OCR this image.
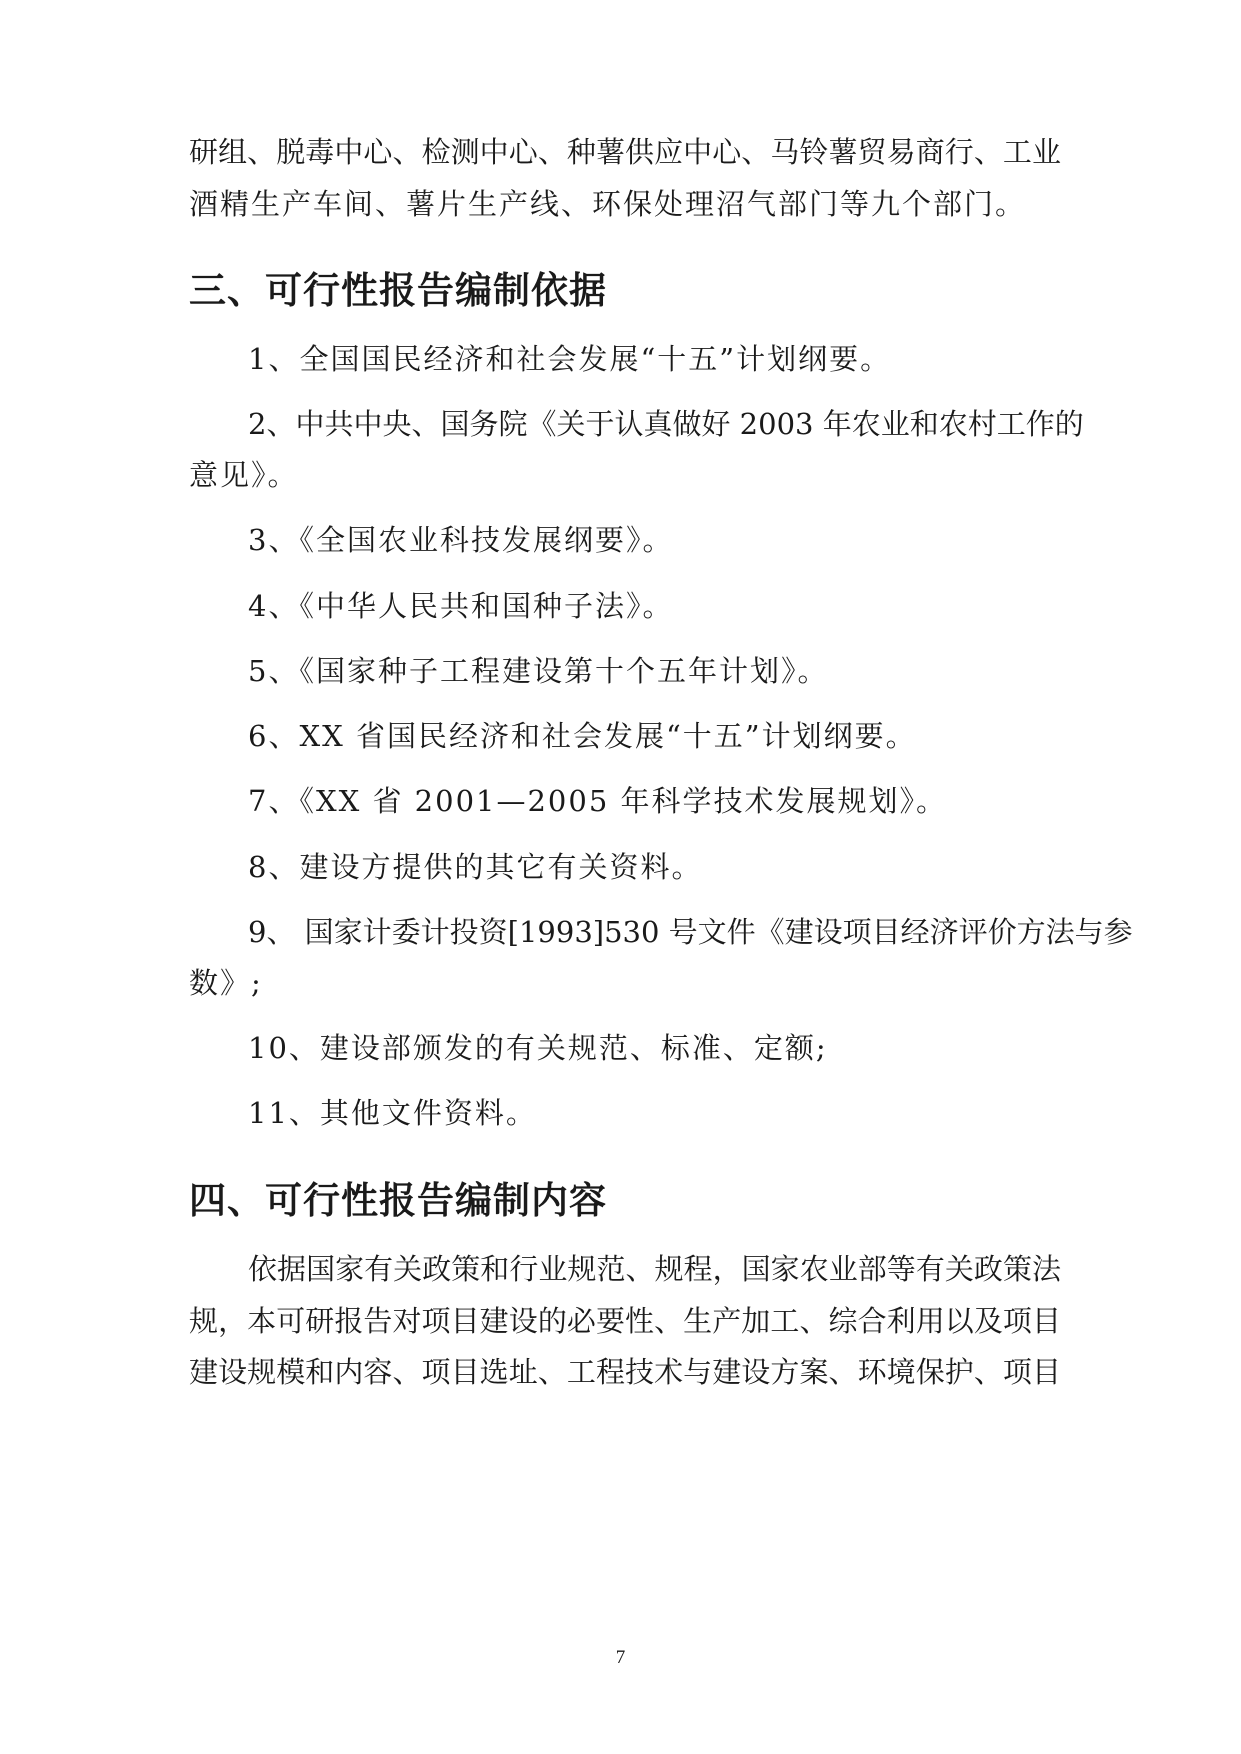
研组、脱毒中心、检测中心、种薯供应中心、马铃薯贸易商行、工业
酒精生产车间、薯片生产线、环保处理沼气部门等九个部门。
三、可行性报告编制依据
1、全国国民经济和社会发展“十五”计划纲要。
2、中共中央、国务院《关于认真做好 2003 年农业和农村工作的
意见》。
3、《全国农业科技发展纲要》。
4、《中华人民共和国种子法》。
5、《国家种子工程建设第十个五年计划》。
6、XX 省国民经济和社会发展“十五”计划纲要。
7、《XX 省 2001—2005 年科学技术发展规划》。
8、建设方提供的其它有关资料。
9、 国家计委计投资[1993]530 号文件《建设项目经济评价方法与参
数》;
10、建设部颁发的有关规范、标准、定额;
11、其他文件资料。
四、可行性报告编制内容
依据国家有关政策和行业规范、规程，国家农业部等有关政策法
规，本可研报告对项目建设的必要性、生产加工、综合利用以及项目
建设规模和内容、项目选址、工程技术与建设方案、环境保护、项目
7
